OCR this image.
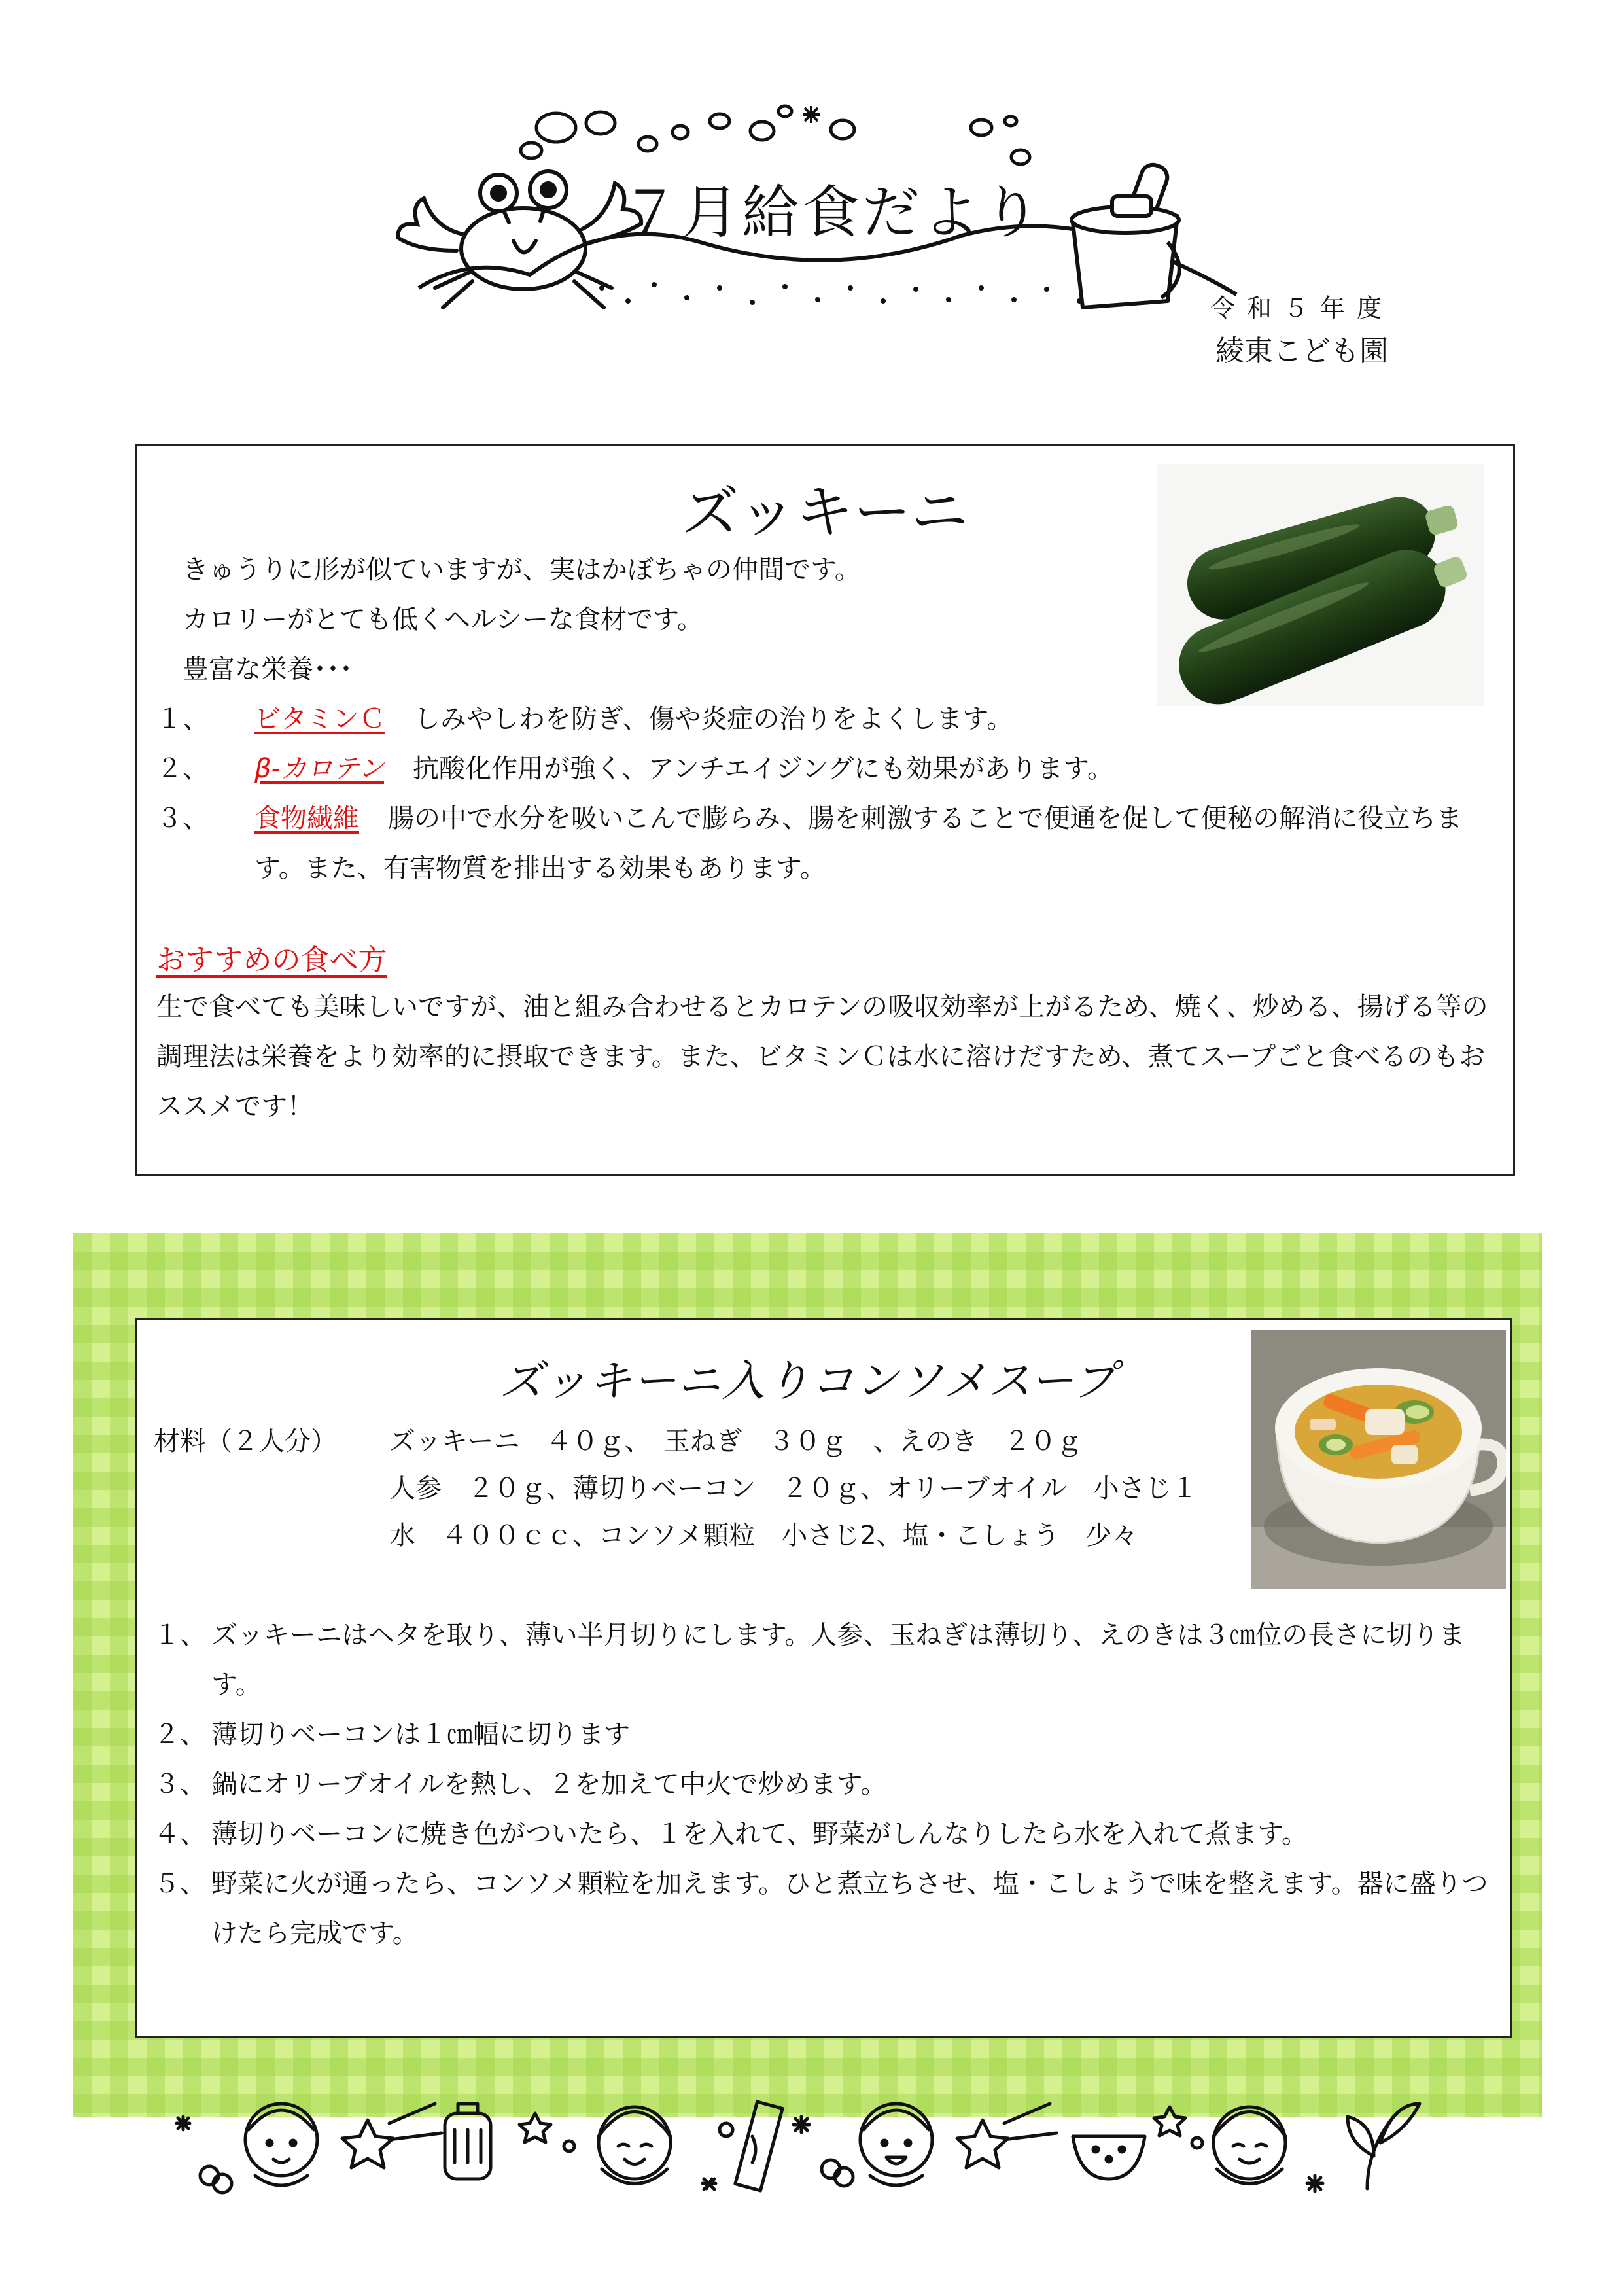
７月給食だより
令和５年度
綾東こども園
ズッキーニ
きゅうりに形が似ていますが、実はかぼちゃの仲間です。
カロリーがとても低くヘルシーな食材です。
豊富な栄養･･･
１、	ビタミンＣ しみやしわを防ぎ、傷や炎症の治りをよくします。
２、	β-カロテン 抗酸化作用が強く、アンチエイジングにも効果があります。
３、	食物繊維 腸の中で水分を吸いこんで膨らみ、腸を刺激することで便通を促して便秘の解消に役立ちます。また、有害物質を排出する効果もあります。
おすすめの食べ方
生で食べても美味しいですが、油と組み合わせるとカロテンの吸収効率が上がるため、焼く、炒める、揚げる等の調理法は栄養をより効率的に摂取できます。また、ビタミンＣは水に溶けだすため、煮てスープごと食べるのもおススメです！
ズッキーニ入りコンソメスープ
材料（２人分）	ズッキーニ　４０ｇ、　玉ねぎ　３０ｇ　、えのき　２０ｇ
人参　２０ｇ、薄切りベーコン　２０ｇ、オリーブオイル　小さじ１
水　４００ｃｃ、コンソメ顆粒　小さじ2、塩・こしょう　少々
１、 ズッキーニはヘタを取り、薄い半月切りにします。人参、玉ねぎは薄切り、えのきは３㎝位の長さに切ります。
２、 薄切りベーコンは１㎝幅に切ります
３、 鍋にオリーブオイルを熱し、２を加えて中火で炒めます。
４、 薄切りベーコンに焼き色がついたら、１を入れて、野菜がしんなりしたら水を入れて煮ます。
５、 野菜に火が通ったら、コンソメ顆粒を加えます。ひと煮立ちさせ、塩・こしょうで味を整えます。器に盛りつけたら完成です。
